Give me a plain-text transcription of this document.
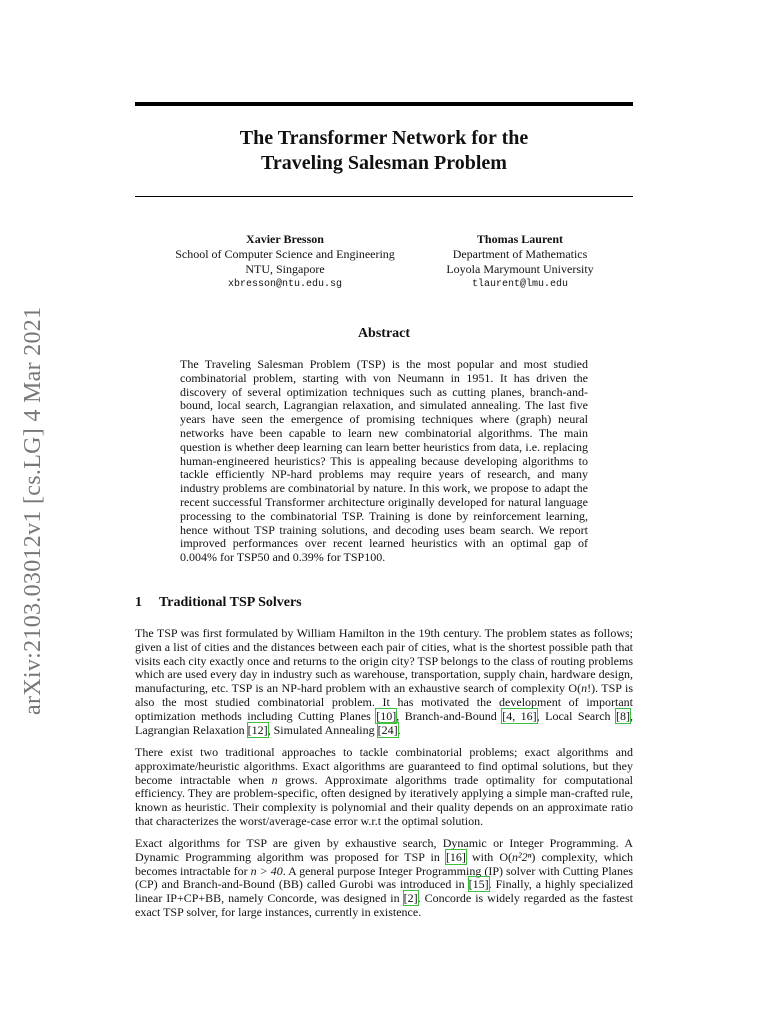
arXiv:2103.03012v1 [cs.LG] 4 Mar 2021
The Transformer Network for the
Traveling Salesman Problem
Xavier Bresson
School of Computer Science and Engineering
NTU, Singapore
xbresson@ntu.edu.sg
Thomas Laurent
Department of Mathematics
Loyola Marymount University
tlaurent@lmu.edu
Abstract
The Traveling Salesman Problem (TSP) is the most popular and most studied combinatorial problem, starting with von Neumann in 1951. It has driven the discovery of several optimization techniques such as cutting planes, branch-and-bound, local search, Lagrangian relaxation, and simulated annealing. The last five years have seen the emergence of promising techniques where (graph) neural networks have been capable to learn new combinatorial algorithms. The main question is whether deep learning can learn better heuristics from data, i.e. replacing human-engineered heuristics? This is appealing because developing algorithms to tackle efficiently NP-hard problems may require years of research, and many industry problems are combinatorial by nature. In this work, we propose to adapt the recent successful Transformer architecture originally developed for natural language processing to the combinatorial TSP. Training is done by reinforcement learning, hence without TSP training solutions, and decoding uses beam search. We report improved performances over recent learned heuristics with an optimal gap of 0.004% for TSP50 and 0.39% for TSP100.
1 Traditional TSP Solvers

The TSP was first formulated by William Hamilton in the 19th century. The problem states as follows; given a list of cities and the distances between each pair of cities, what is the shortest possible path that visits each city exactly once and returns to the origin city? TSP belongs to the class of routing problems which are used every day in industry such as warehouse, transportation, supply chain, hardware design, manufacturing, etc. TSP is an NP-hard problem with an exhaustive search of complexity O(n!). TSP is also the most studied combinatorial problem. It has motivated the development of important optimization methods including Cutting Planes [10], Branch-and-Bound [4, 16], Local Search [8], Lagrangian Relaxation [12], Simulated Annealing [24].

There exist two traditional approaches to tackle combinatorial problems; exact algorithms and approximate/heuristic algorithms. Exact algorithms are guaranteed to find optimal solutions, but they become intractable when n grows. Approximate algorithms trade optimality for computational efficiency. They are problem-specific, often designed by iteratively applying a simple man-crafted rule, known as heuristic. Their complexity is polynomial and their quality depends on an approximate ratio that characterizes the worst/average-case error w.r.t the optimal solution.

Exact algorithms for TSP are given by exhaustive search, Dynamic or Integer Programming. A Dynamic Programming algorithm was proposed for TSP in [16] with O(n²2ⁿ) complexity, which becomes intractable for n > 40. A general purpose Integer Programming (IP) solver with Cutting Planes (CP) and Branch-and-Bound (BB) called Gurobi was introduced in [15]. Finally, a highly specialized linear IP+CP+BB, namely Concorde, was designed in [2]. Concorde is widely regarded as the fastest exact TSP solver, for large instances, currently in existence.
